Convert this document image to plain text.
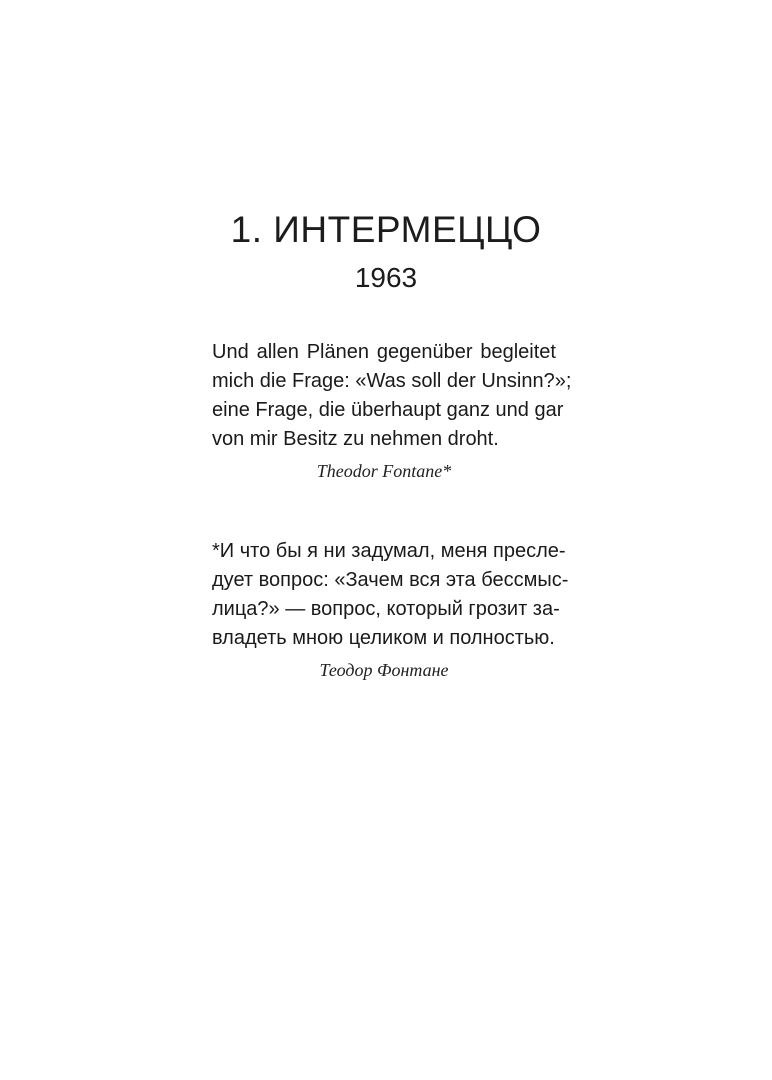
1. ИНТЕРМЕЦЦО
1963
Und allen Plänen gegenüber begleitet
mich die Frage: «Was soll der Unsinn?»;
eine Frage, die überhaupt ganz und gar
von mir Besitz zu nehmen droht.
Theodor Fontane*
*И что бы я ни задумал, меня пресле-
дует вопрос: «Зачем вся эта бессмыс-
лица?» — вопрос, который грозит за-
владеть мною целиком и полностью.
Теодор Фонтане
